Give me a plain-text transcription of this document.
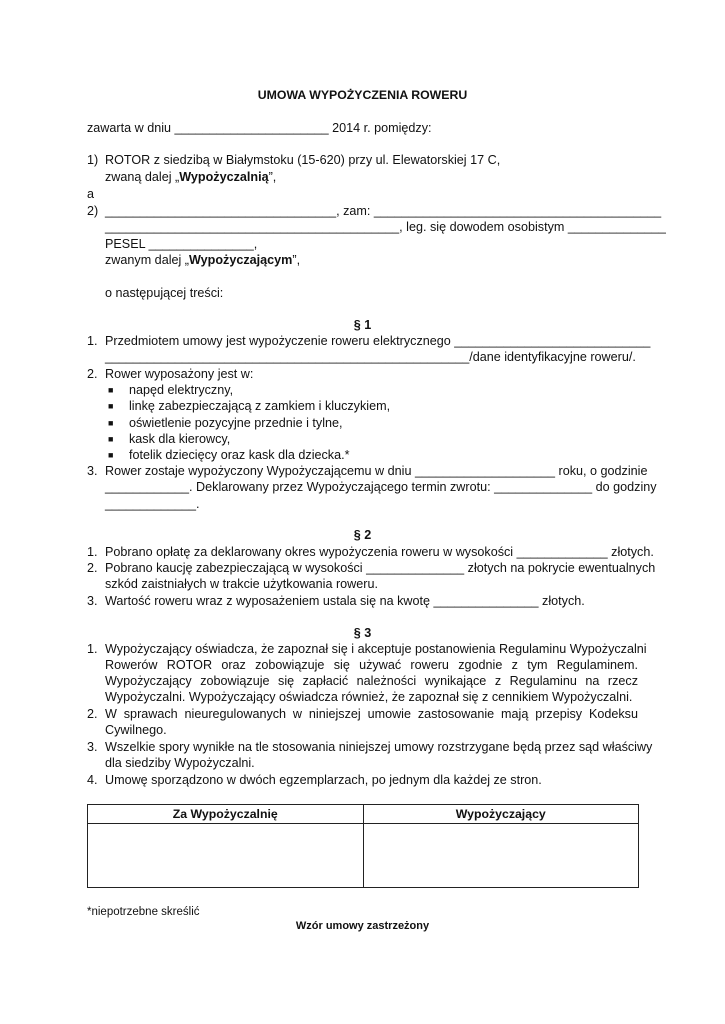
UMOWA WYPOŻYCZENIA ROWERU
zawarta w dniu ______________________ 2014 r. pomiędzy:
1) ROTOR z siedzibą w Białymstoku (15-620) przy ul. Elewatorskiej 17 C,
zwaną dalej „Wypożyczalnią”,
a
2) _________________________________, zam: _________________________________________
__________________________________________, leg. się dowodem osobistym ______________
PESEL _______________,
zwanym dalej „Wypożyczającym”,
o następującej treści:
§ 1
1. Przedmiotem umowy jest wypożyczenie roweru elektrycznego ____________________________
____________________________________________________/dane identyfikacyjne roweru/.
2. Rower wyposażony jest w:
■ napęd elektryczny,
■ linkę zabezpieczającą z zamkiem i kluczykiem,
■ oświetlenie pozycyjne przednie i tylne,
■ kask dla kierowcy,
■ fotelik dziecięcy oraz kask dla dziecka.*
3. Rower zostaje wypożyczony Wypożyczającemu w dniu ____________________ roku, o godzinie
____________. Deklarowany przez Wypożyczającego termin zwrotu: ______________ do godziny
_____________.
§ 2
1. Pobrano opłatę za deklarowany okres wypożyczenia roweru w wysokości _____________ złotych.
2. Pobrano kaucję zabezpieczającą w wysokości ______________ złotych na pokrycie ewentualnych
szkód zaistniałych w trakcie użytkowania roweru.
3. Wartość roweru wraz z wyposażeniem ustala się na kwotę _______________ złotych.
§ 3
1. Wypożyczający oświadcza, że zapoznał się i akceptuje postanowienia Regulaminu Wypożyczalni
Rowerów ROTOR oraz zobowiązuje się używać roweru zgodnie z tym Regulaminem.
Wypożyczający zobowiązuje się zapłacić należności wynikające z Regulaminu na rzecz
Wypożyczalni. Wypożyczający oświadcza również, że zapoznał się z cennikiem Wypożyczalni.
2. W sprawach nieuregulowanych w niniejszej umowie zastosowanie mają przepisy Kodeksu
Cywilnego.
3. Wszelkie spory wynikłe na tle stosowania niniejszej umowy rozstrzygane będą przez sąd właściwy
dla siedziby Wypożyczalni.
4. Umowę sporządzono w dwóch egzemplarzach, po jednym dla każdej ze stron.
Za Wypożyczalnię	Wypożyczający

*niepotrzebne skreślić
Wzór umowy zastrzeżony
